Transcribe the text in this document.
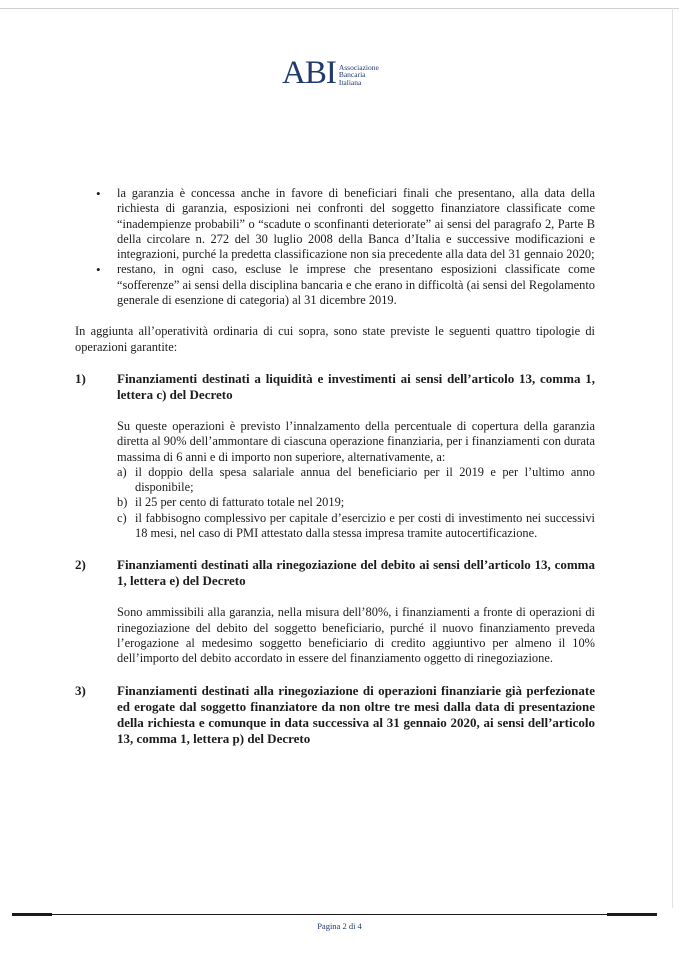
ABI Associazione
Bancaria
Italiana
• la garanzia è concessa anche in favore di beneficiari finali che presentano, alla data della richiesta di garanzia, esposizioni nei confronti del soggetto finanziatore classificate come “inadempienze probabili” o “scadute o sconfinanti deteriorate” ai sensi del paragrafo 2, Parte B della circolare n. 272 del 30 luglio 2008 della Banca d’Italia e successive modificazioni e integrazioni, purché la predetta classificazione non sia precedente alla data del 31 gennaio 2020;
• restano, in ogni caso, escluse le imprese che presentano esposizioni classificate come “sofferenze” ai sensi della disciplina bancaria e che erano in difficoltà (ai sensi del Regolamento generale di esenzione di categoria) al 31 dicembre 2019.

In aggiunta all’operatività ordinaria di cui sopra, sono state previste le seguenti quattro tipologie di operazioni garantite:

1)	Finanziamenti destinati a liquidità e investimenti ai sensi dell’articolo 13, comma 1, lettera c) del Decreto
Su queste operazioni è previsto l’innalzamento della percentuale di copertura della garanzia diretta al 90% dell’ammontare di ciascuna operazione finanziaria, per i finanziamenti con durata massima di 6 anni e di importo non superiore, alternativamente, a:
a) il doppio della spesa salariale annua del beneficiario per il 2019 e per l’ultimo anno disponibile;
b) il 25 per cento di fatturato totale nel 2019;
c) il fabbisogno complessivo per capitale d’esercizio e per costi di investimento nei successivi 18 mesi, nel caso di PMI attestato dalla stessa impresa tramite autocertificazione.
2)	Finanziamenti destinati alla rinegoziazione del debito ai sensi dell’articolo 13, comma 1, lettera e) del Decreto
Sono ammissibili alla garanzia, nella misura dell’80%, i finanziamenti a fronte di operazioni di rinegoziazione del debito del soggetto beneficiario, purché il nuovo finanziamento preveda l’erogazione al medesimo soggetto beneficiario di credito aggiuntivo per almeno il 10% dell’importo del debito accordato in essere del finanziamento oggetto di rinegoziazione.
3)	Finanziamenti destinati alla rinegoziazione di operazioni finanziarie già perfezionate ed erogate dal soggetto finanziatore da non oltre tre mesi dalla data di presentazione della richiesta e comunque in data successiva al 31 gennaio 2020, ai sensi dell’articolo 13, comma 1, lettera p) del Decreto
Pagina 2 di 4
